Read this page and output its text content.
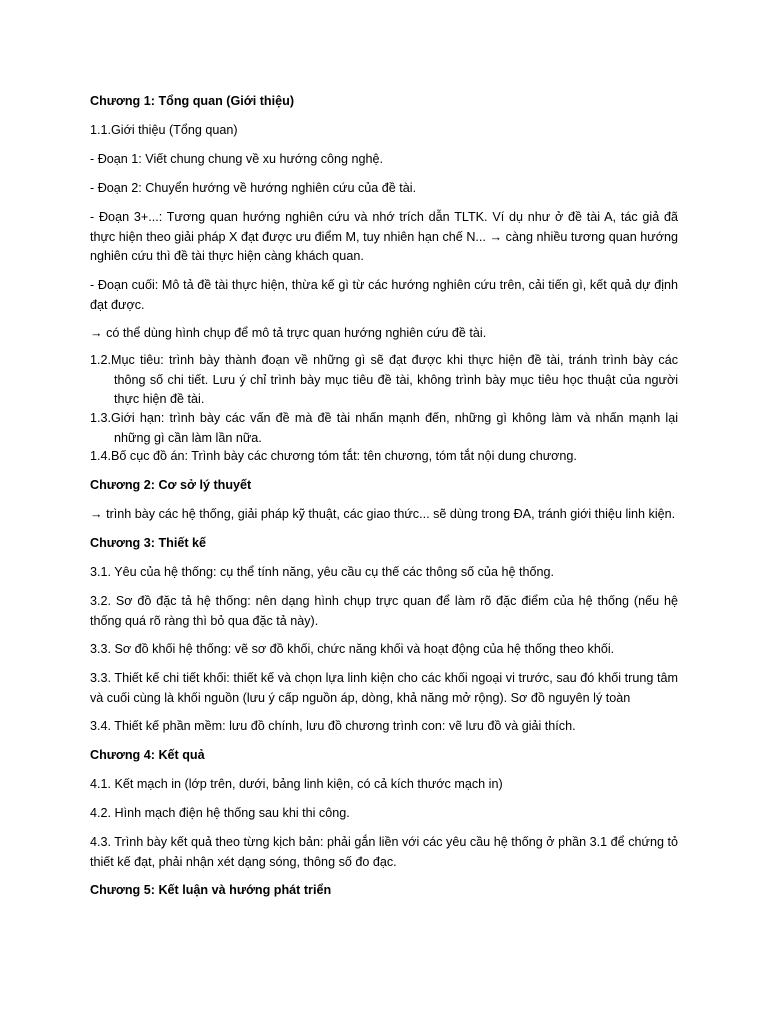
Chương 1: Tổng quan (Giới thiệu)
1.1.Giới thiệu (Tổng quan)
- Đoạn 1: Viết chung chung về xu hướng công nghệ.
- Đoạn 2: Chuyển hướng về hướng nghiên cứu của đề tài.
- Đoạn 3+...: Tương quan hướng nghiên cứu và nhớ trích dẫn TLTK. Ví dụ như ở đề tài A, tác giả đã thực hiện theo giải pháp X đạt được ưu điểm M, tuy nhiên hạn chế N... → càng nhiều tương quan hướng nghiên cứu thì đề tài thực hiện càng khách quan.
- Đoạn cuối: Mô tả đề tài thực hiện, thừa kế gì từ các hướng nghiên cứu trên, cải tiến gì, kết quả dự định đạt được.
→ có thể dùng hình chụp để mô tả trực quan hướng nghiên cứu đề tài.
1.2.Mục tiêu: trình bày thành đoạn về những gì sẽ đạt được khi thực hiện đề tài, tránh trình bày các thông số chi tiết. Lưu ý chỉ trình bày mục tiêu đề tài, không trình bày mục tiêu học thuật của người thực hiện đề tài.
1.3.Giới hạn: trình bày các vấn đề mà đề tài nhấn mạnh đến, những gì không làm và nhấn mạnh lại những gì cần làm lần nữa.
1.4.Bố cục đồ án: Trình bày các chương tóm tắt: tên chương, tóm tắt nội dung chương.
Chương 2: Cơ sở lý thuyết
→ trình bày các hệ thống, giải pháp kỹ thuật, các giao thức... sẽ dùng trong ĐA, tránh giới thiệu linh kiện.
Chương 3: Thiết kế
3.1. Yêu của hệ thống: cụ thể tính năng, yêu cầu cụ thế các thông số của hệ thống.
3.2. Sơ đồ đặc tả hệ thống: nên dạng hình chụp trực quan để làm rõ đặc điểm của hệ thống (nếu hệ thống quá rõ ràng thì bỏ qua đặc tả này).
3.3. Sơ đồ khối hệ thống: vẽ sơ đồ khối, chức năng khối và hoạt động của hệ thống theo khối.
3.3. Thiết kế chi tiết khối: thiết kế và chọn lựa linh kiện cho các khối ngoại vi trước, sau đó khối trung tâm và cuối cùng là khối nguồn (lưu ý cấp nguồn áp, dòng, khả năng mở rộng). Sơ đồ nguyên lý toàn
3.4. Thiết kế phần mềm: lưu đồ chính, lưu đồ chương trình con: vẽ lưu đồ và giải thích.
Chương 4: Kết quả
4.1. Kết mạch in (lớp trên, dưới, bảng linh kiện, có cả kích thước mạch in)
4.2. Hình mạch điện hệ thống sau khi thi công.
4.3. Trình bày kết quả theo từng kịch bản: phải gắn liền với các yêu cầu hệ thống ở phần 3.1 để chứng tỏ thiết kế đạt, phải nhận xét dạng sóng, thông số đo đạc.
Chương 5: Kết luận và hướng phát triển
